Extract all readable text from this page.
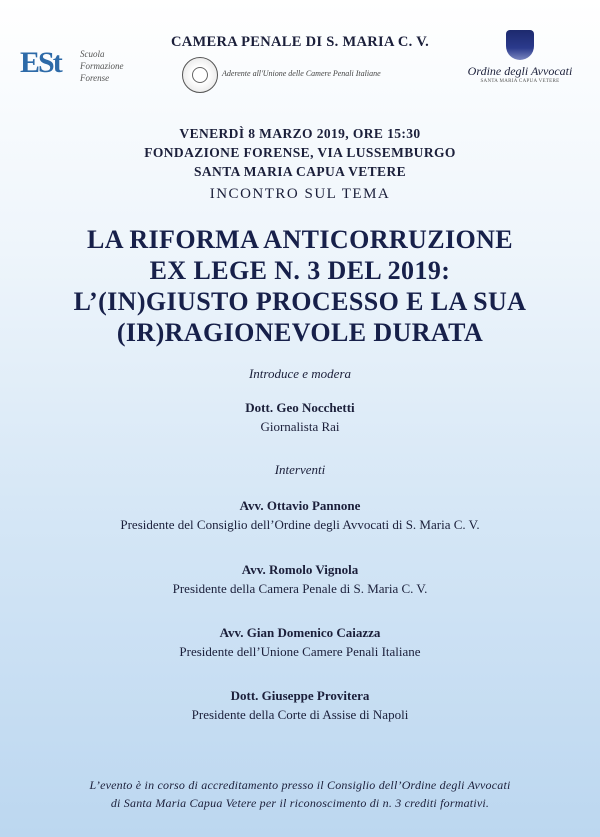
ESt Scuola
Formazione
Forense
CAMERA PENALE DI S. MARIA C. V.
Aderente all'Unione delle Camere Penali Italiane	Ordine degli Avvocati
SANTA MARIA CAPUA VETERE
VENERDÌ 8 MARZO 2019, ORE 15:30
FONDAZIONE FORENSE, VIA LUSSEMBURGO
SANTA MARIA CAPUA VETERE
INCONTRO SUL TEMA
LA RIFORMA ANTICORRUZIONE
EX LEGE N. 3 DEL 2019:
L’(IN)GIUSTO PROCESSO E LA SUA
(IR)RAGIONEVOLE DURATA
Introduce e modera
Dott. Geo Nocchetti
Giornalista Rai
Interventi
Avv. Ottavio Pannone
Presidente del Consiglio dell’Ordine degli Avvocati di S. Maria C. V.
Avv. Romolo Vignola
Presidente della Camera Penale di S. Maria C. V.
Avv. Gian Domenico Caiazza
Presidente dell’Unione Camere Penali Italiane
Dott. Giuseppe Provitera
Presidente della Corte di Assise di Napoli
L’evento è in corso di accreditamento presso il Consiglio dell’Ordine degli Avvocati
di Santa Maria Capua Vetere per il riconoscimento di n. 3 crediti formativi.
